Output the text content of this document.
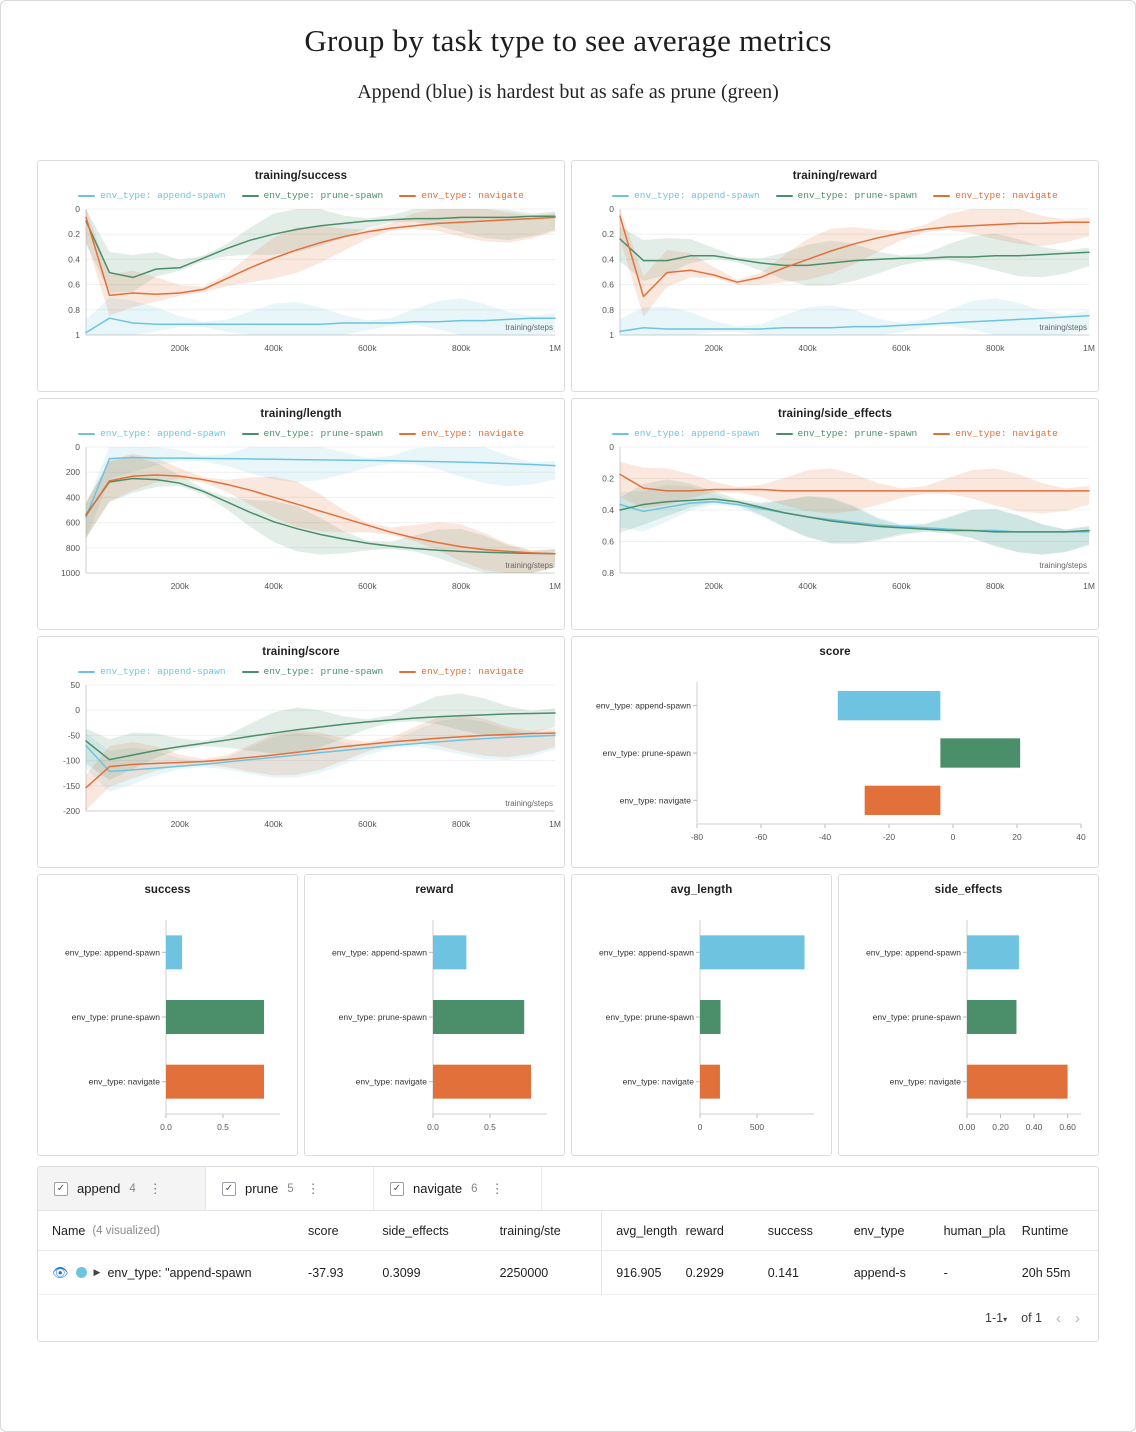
Group by task type to see average metrics
Append (blue) is hardest but as safe as prune (green)
training/success
env_type: append-spawn	env_type: prune-spawn	env_type: navigate
0
0.2
0.4
0.6
0.8
1
200k	400k	600k	800k	1M
training/steps
training/reward
env_type: append-spawn	env_type: prune-spawn	env_type: navigate
0
0.2
0.4
0.6
0.8
1
200k	400k	600k	800k	1M
training/steps
training/length
env_type: append-spawn	env_type: prune-spawn	env_type: navigate
0
200
400
600
800
1000
200k	400k	600k	800k	1M
training/steps
training/side_effects
env_type: append-spawn	env_type: prune-spawn	env_type: navigate
0
0.2
0.4
0.6
0.8
200k	400k	600k	800k	1M
training/steps
training/score
env_type: append-spawn	env_type: prune-spawn	env_type: navigate
50
0
-50
-100
-150
-200
200k	400k	600k	800k	1M
training/steps
score
-80	-60	-40	-20	0	20	40
env_type: append-spawn
env_type: prune-spawn
env_type: navigate
success
0.0	0.5
env_type: append-spawn
env_type: prune-spawn
env_type: navigate
reward
0.0	0.5
env_type: append-spawn
env_type: prune-spawn
env_type: navigate
avg_length
0	500
env_type: append-spawn
env_type: prune-spawn
env_type: navigate
side_effects
0.00 0.20 0.40 0.60
env_type: append-spawn
env_type: prune-spawn
env_type: navigate
✓ append 4 ⋮	✓ prune 5 ⋮	✓ navigate 6 ⋮
Name (4 visualized)	score	side_effects	training/ste	avg_length reward	success	env_type	human_pla	Runtime
👁	▶ env_type: "append-spawn	-37.93	0.3099	2250000	916.905	0.2929	0.141	append-s	-	20h 55m
1-1▾ of 1 ‹ ›
